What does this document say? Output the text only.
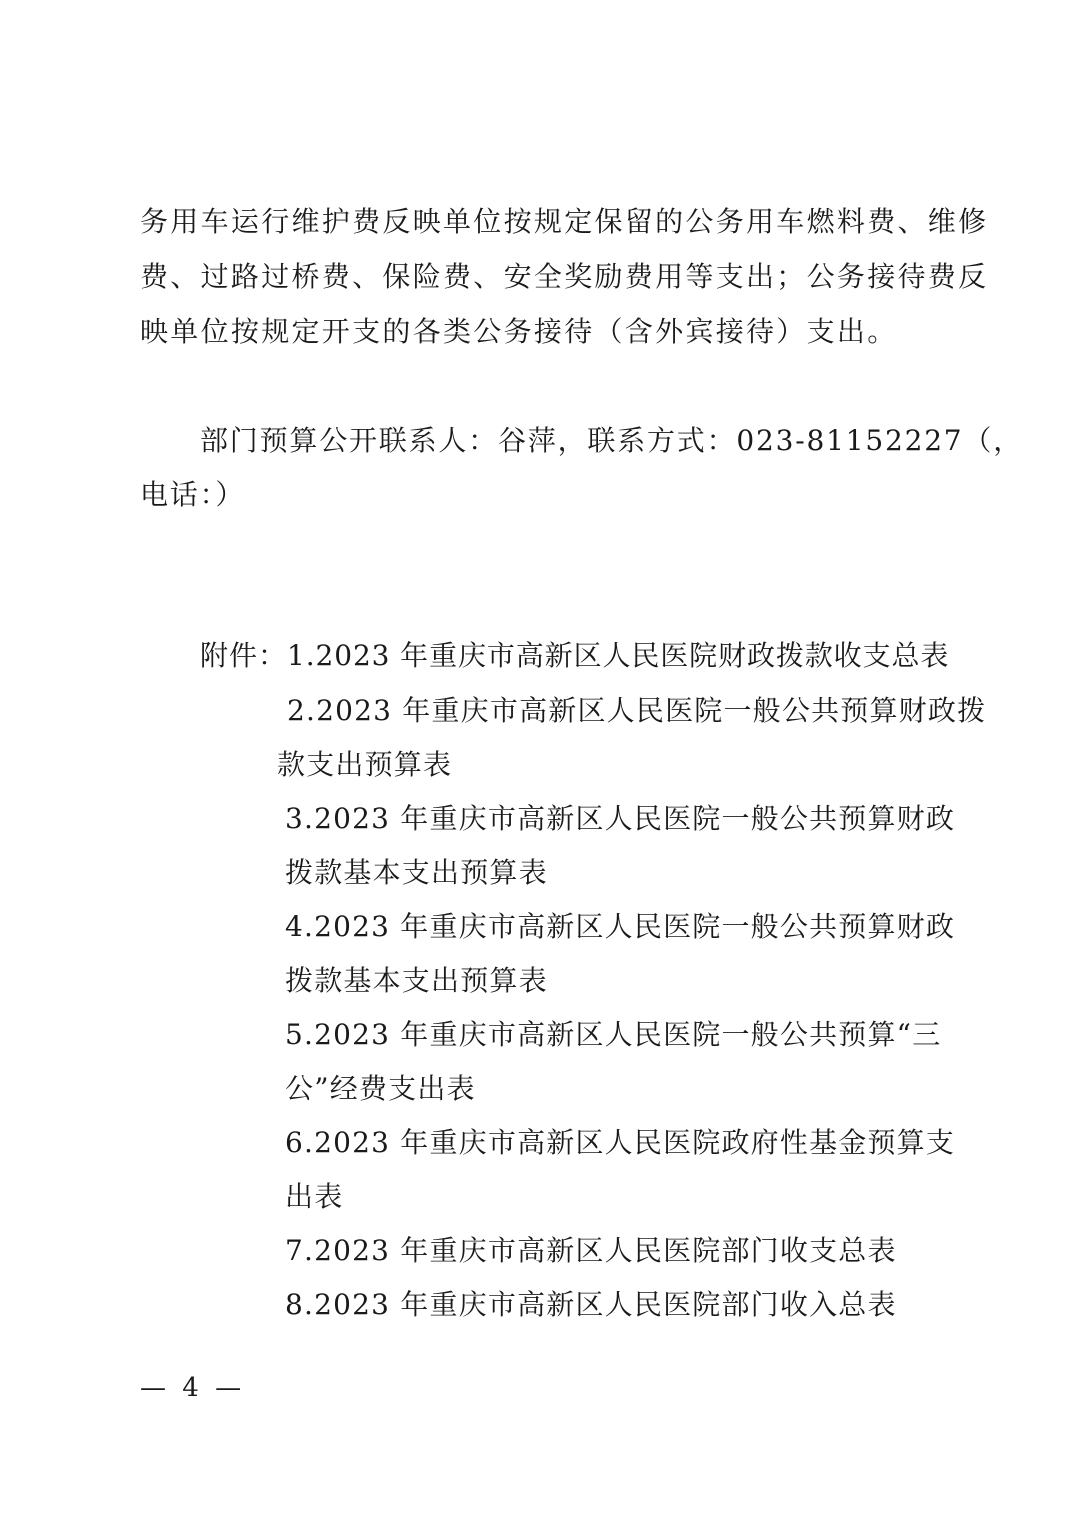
务用车运行维护费反映单位按规定保留的公务用车燃料费、维修
费、过路过桥费、保险费、安全奖励费用等支出；公务接待费反
映单位按规定开支的各类公务接待（含外宾接待）支出。
部门预算公开联系人：谷萍，联系方式：023-81152227（，
电话：）
附件： 1.2023 年重庆市高新区人民医院财政拨款收支总表
2.2023 年重庆市高新区人民医院一般公共预算财政拨
款支出预算表
3.2023 年重庆市高新区人民医院一般公共预算财政
拨款基本支出预算表
4.2023 年重庆市高新区人民医院一般公共预算财政
拨款基本支出预算表
5.2023 年重庆市高新区人民医院一般公共预算“三
公”经费支出表
6.2023 年重庆市高新区人民医院政府性基金预算支
出表
7.2023 年重庆市高新区人民医院部门收支总表
8.2023 年重庆市高新区人民医院部门收入总表
— 4 —
